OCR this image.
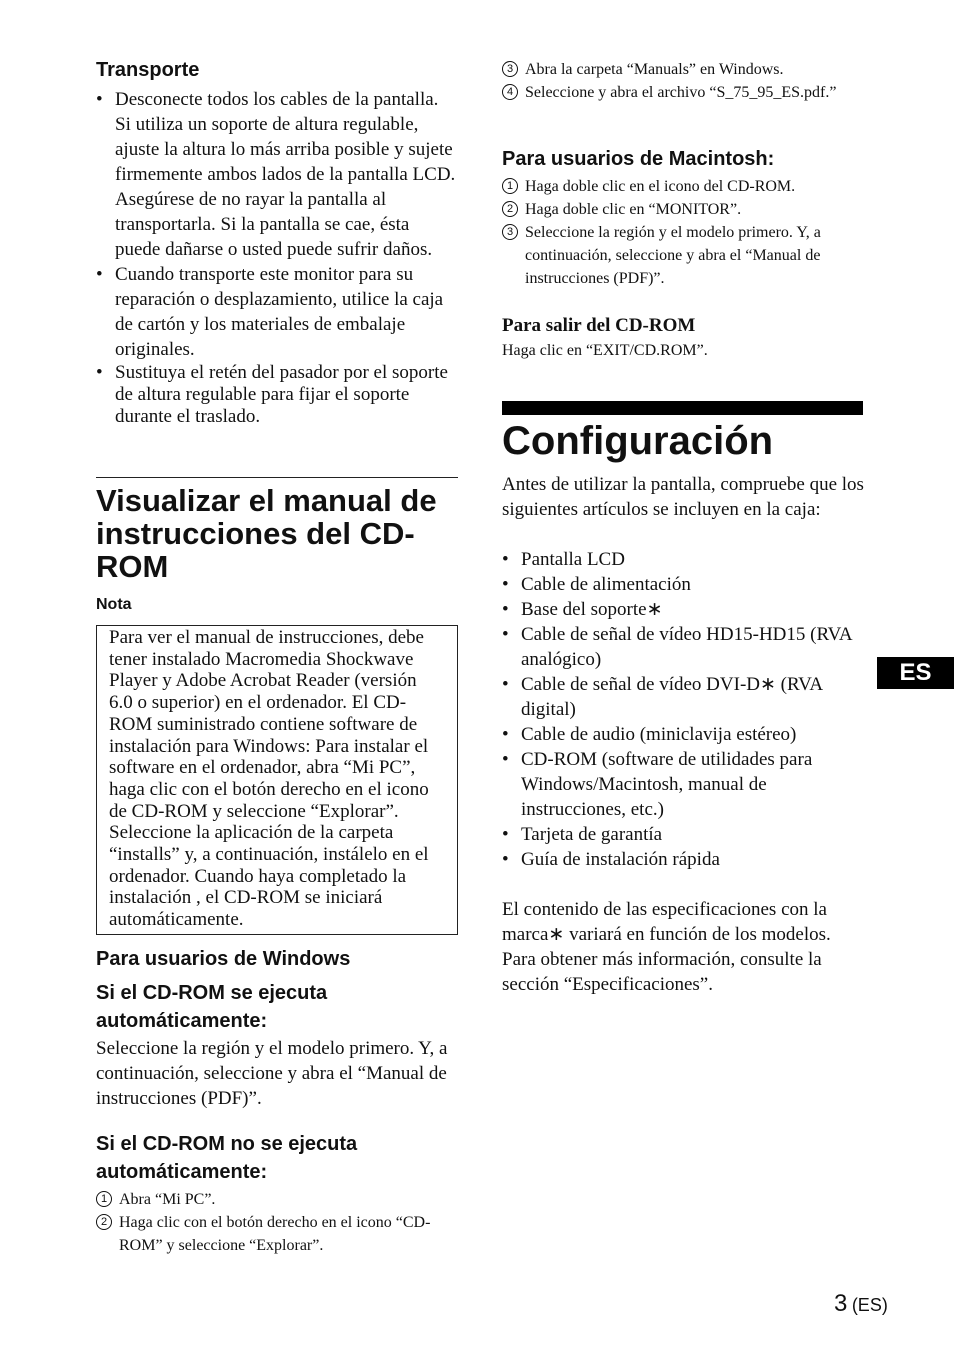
Transporte
• Desconecte todos los cables de la pantalla. Si utiliza un soporte de altura regulable, ajuste la altura lo más arriba posible y sujete firmemente ambos lados de la pantalla LCD. Asegúrese de no rayar la pantalla al transportarla. Si la pantalla se cae, ésta puede dañarse o usted puede sufrir daños.
• Cuando transporte este monitor para su reparación o desplazamiento, utilice la caja de cartón y los materiales de embalaje originales.
• Sustituya el retén del pasador por el soporte de altura regulable para fijar el soporte durante el traslado.
Visualizar el manual de instrucciones del CD-ROM
Nota
Para ver el manual de instrucciones, debe tener instalado Macromedia Shockwave Player y Adobe Acrobat Reader (versión 6.0 o superior) en el ordenador. El CD-ROM suministrado contiene software de instalación para Windows: Para instalar el software en el ordenador, abra “Mi PC”, haga clic con el botón derecho en el icono de CD-ROM y seleccione “Explorar”. Seleccione la aplicación de la carpeta “installs” y, a continuación, instálelo en el ordenador. Cuando haya completado la instalación , el CD-ROM se iniciará automáticamente.
Para usuarios de Windows
Si el CD-ROM se ejecuta automáticamente:

Seleccione la región y el modelo primero. Y, a continuación, seleccione y abra el “Manual de instrucciones (PDF)”.

Si el CD-ROM no se ejecuta automáticamente:
1 Abra “Mi PC”.
2 Haga clic con el botón derecho en el icono “CD-ROM” y seleccione “Explorar”.
3 Abra la carpeta “Manuals” en Windows.
4 Seleccione y abra el archivo “S_75_95_ES.pdf.”
Para usuarios de Macintosh:
1 Haga doble clic en el icono del CD-ROM.
2 Haga doble clic en “MONITOR”.
3 Seleccione la región y el modelo primero. Y, a continuación, seleccione y abra el “Manual de instrucciones (PDF)”.
Para salir del CD-ROM
Haga clic en “EXIT/CD.ROM”.
Configuración

Antes de utilizar la pantalla, compruebe que los siguientes artículos se incluyen en la caja:

• Pantalla LCD
• Cable de alimentación
• Base del soporte∗
• Cable de señal de vídeo HD15-HD15 (RVA analógico)
• Cable de señal de vídeo DVI-D∗ (RVA digital)
• Cable de audio (miniclavija estéreo)
• CD-ROM (software de utilidades para Windows/Macintosh, manual de instrucciones, etc.)
• Tarjeta de garantía
• Guía de instalación rápida

El contenido de las especificaciones con la marca∗ variará en función de los modelos. Para obtener más información, consulte la sección “Especificaciones”.

ES
3 (ES)
